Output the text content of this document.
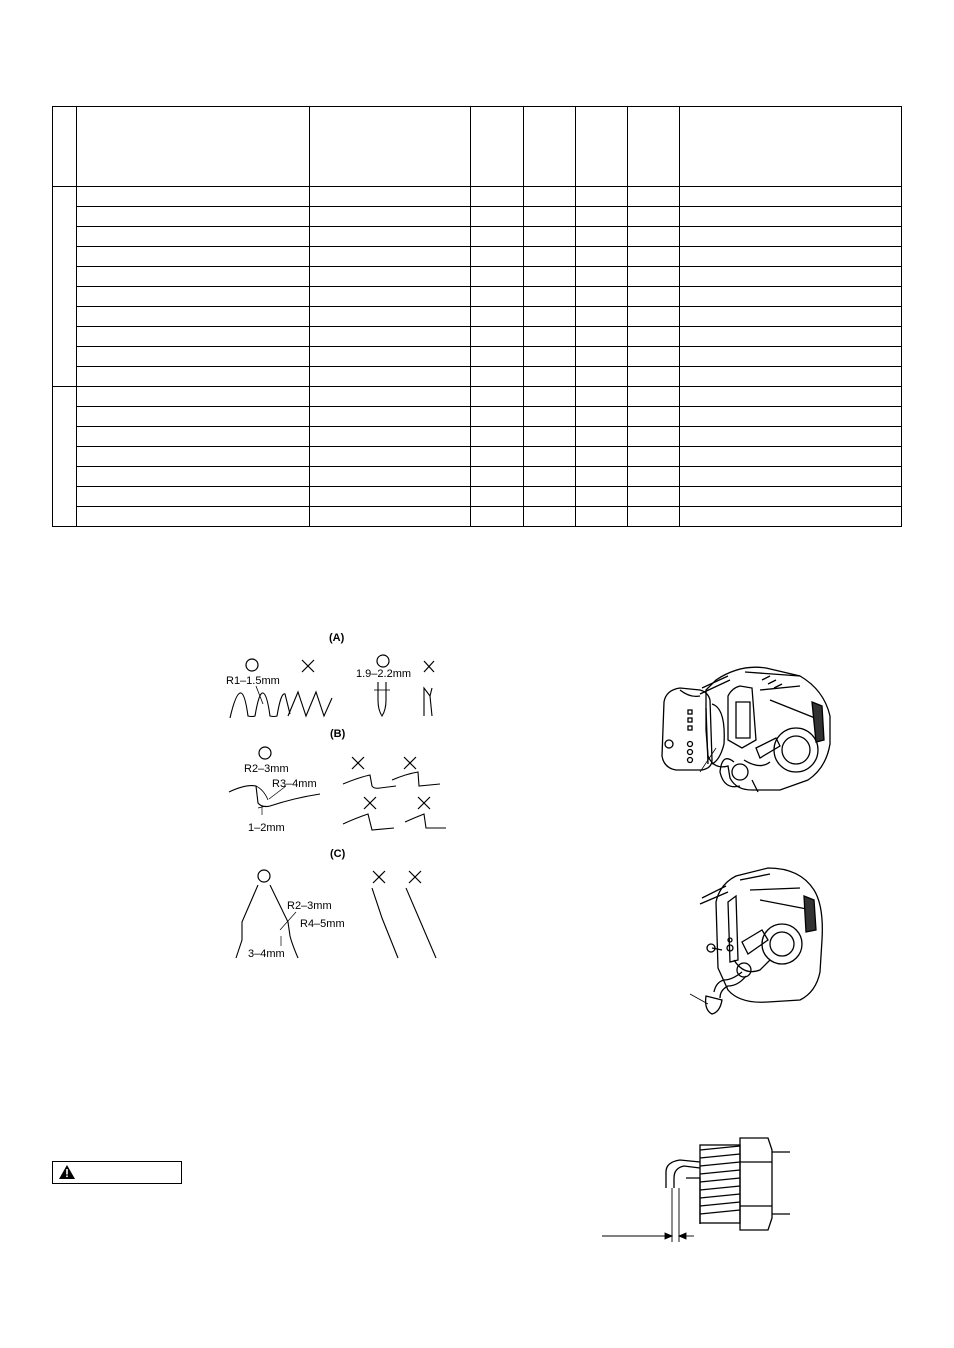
(A)
R1–1.5mm
1.9–2.2mm
(B)
R2–3mm
R3–4mm
1–2mm
(C)
R2–3mm
R4–5mm
3–4mm
